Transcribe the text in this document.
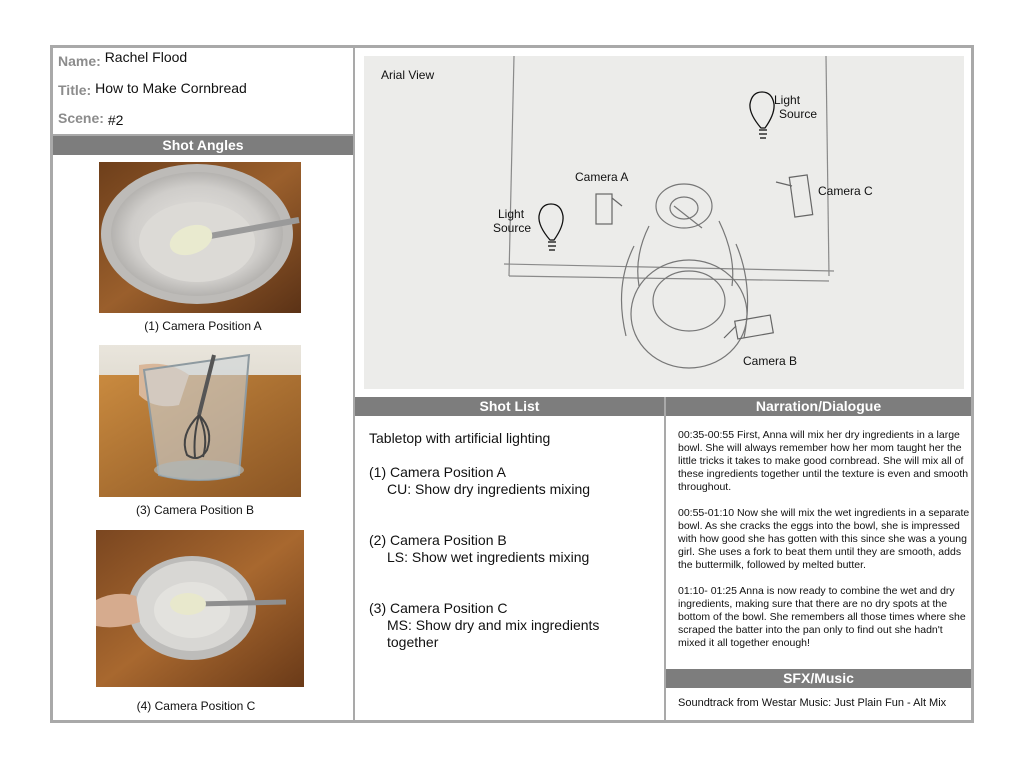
Name: Rachel Flood
Title: How to Make Cornbread
Scene: #2
Shot Angles
(1) Camera Position A
(3) Camera Position B
(4) Camera Position C
Arial View
Light
Source
Light
Source
Camera A
Camera B
Camera C
Shot List	Narration/Dialogue
Tabletop with artificial lighting
(1) Camera Position A
CU: Show dry ingredients mixing
(2) Camera Position B
LS: Show wet ingredients mixing
(3) Camera Position C
MS: Show dry and mix ingredients
together

00:35-00:55 First, Anna will mix her dry ingredients in a large bowl. She will always remember how her mom taught her the little tricks it takes to make good cornbread. She will mix all of these ingredients together until the texture is even and smooth throughout.

00:55-01:10 Now she will mix the wet ingredients in a separate bowl. As she cracks the eggs into the bowl, she is impressed with how good she has gotten with this since she was a young girl. She uses a fork to beat them until they are smooth, adds the buttermilk, followed by melted butter.

01:10- 01:25 Anna is now ready to combine the wet and dry ingredients, making sure that there are no dry spots at the bottom of the bowl. She remembers all those times where she scraped the batter into the pan only to find out she hadn't mixed it all together enough!

SFX/Music
Soundtrack from Westar Music: Just Plain Fun - Alt Mix
